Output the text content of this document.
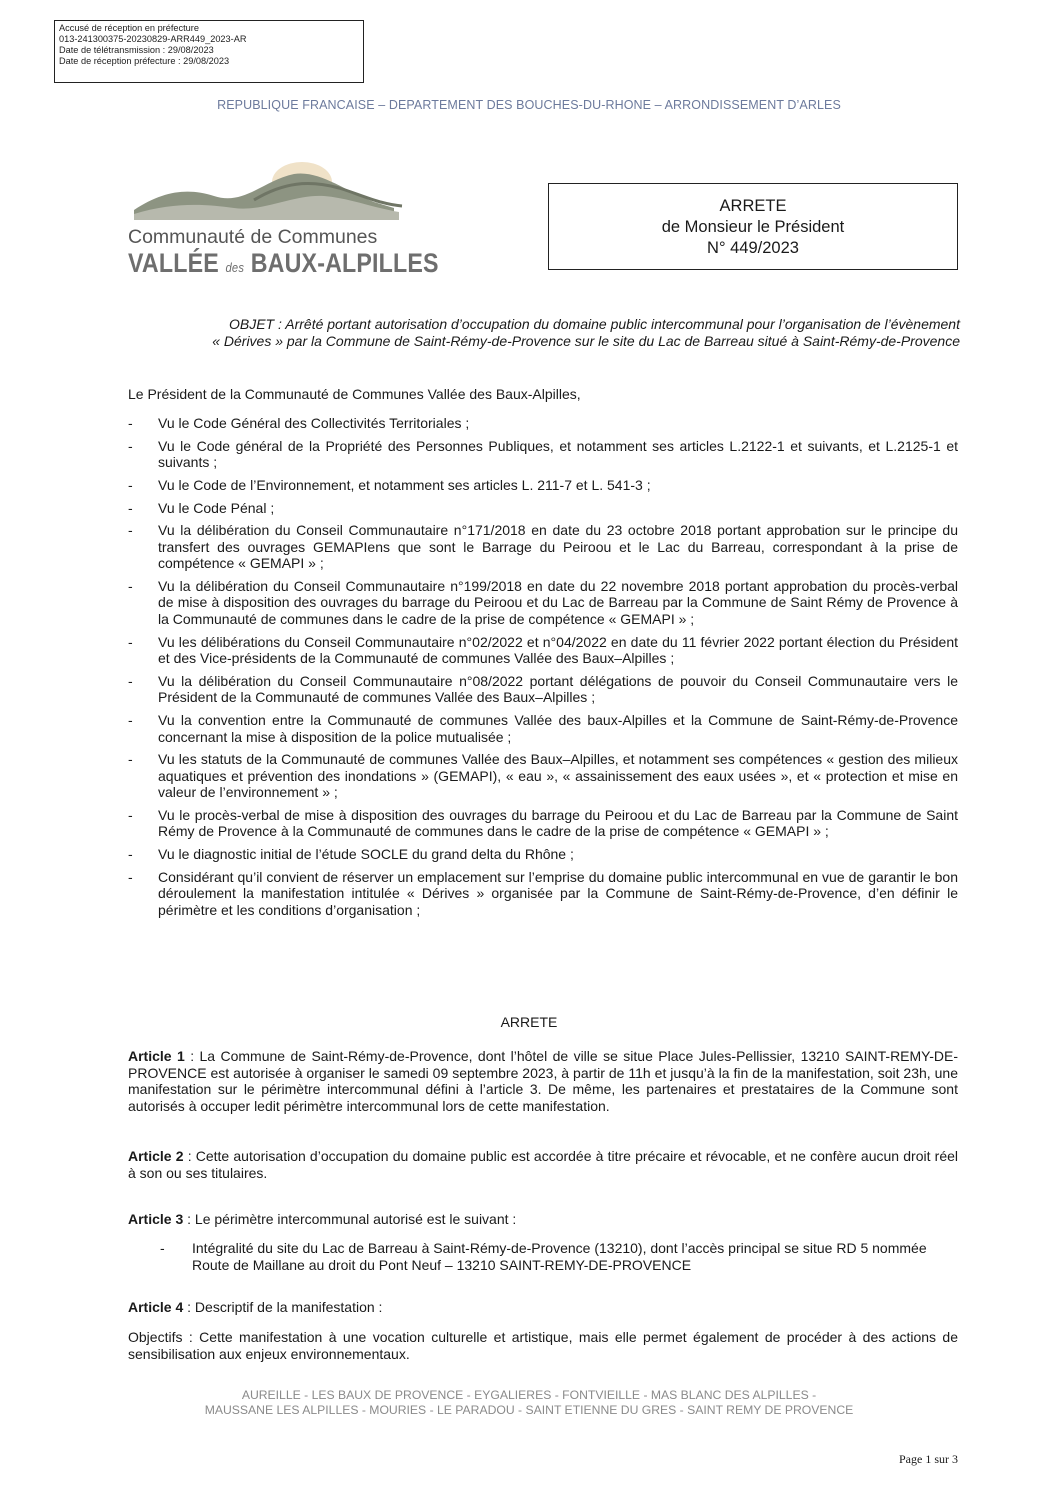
Accusé de réception en préfecture
013-241300375-20230829-ARR449_2023-AR
Date de télétransmission : 29/08/2023
Date de réception préfecture : 29/08/2023
REPUBLIQUE FRANCAISE – DEPARTEMENT DES BOUCHES-DU-RHONE – ARRONDISSEMENT D’ARLES
Communauté de Communes
VALLÉE des BAUX-ALPILLES
ARRETE
de Monsieur le Président
N° 449/2023
OBJET : Arrêté portant autorisation d’occupation du domaine public intercommunal pour l’organisation de l’évènement
« Dérives » par la Commune de Saint-Rémy-de-Provence sur le site du Lac de Barreau situé à Saint-Rémy-de-Provence
Le Président de la Communauté de Communes Vallée des Baux-Alpilles,
- Vu le Code Général des Collectivités Territoriales ;
- Vu le Code général de la Propriété des Personnes Publiques, et notamment ses articles L.2122-1 et suivants, et L.2125-1 et suivants ;
- Vu le Code de l’Environnement, et notamment ses articles L. 211-7 et L. 541-3 ;
- Vu le Code Pénal ;
- Vu la délibération du Conseil Communautaire n°171/2018 en date du 23 octobre 2018 portant approbation sur le principe du transfert des ouvrages GEMAPIens que sont le Barrage du Peiroou et le Lac du Barreau, correspondant à la prise de compétence « GEMAPI » ;
- Vu la délibération du Conseil Communautaire n°199/2018 en date du 22 novembre 2018 portant approbation du procès-verbal de mise à disposition des ouvrages du barrage du Peiroou et du Lac de Barreau par la Commune de Saint Rémy de Provence à la Communauté de communes dans le cadre de la prise de compétence « GEMAPI » ;
- Vu les délibérations du Conseil Communautaire n°02/2022 et n°04/2022 en date du 11 février 2022 portant élection du Président et des Vice-présidents de la Communauté de communes Vallée des Baux–Alpilles ;
- Vu la délibération du Conseil Communautaire n°08/2022 portant délégations de pouvoir du Conseil Communautaire vers le Président de la Communauté de communes Vallée des Baux–Alpilles ;
- Vu la convention entre la Communauté de communes Vallée des baux-Alpilles et la Commune de Saint-Rémy-de-Provence concernant la mise à disposition de la police mutualisée ;
- Vu les statuts de la Communauté de communes Vallée des Baux–Alpilles, et notamment ses compétences « gestion des milieux aquatiques et prévention des inondations » (GEMAPI), « eau », « assainissement des eaux usées », et « protection et mise en valeur de l’environnement » ;
- Vu le procès-verbal de mise à disposition des ouvrages du barrage du Peiroou et du Lac de Barreau par la Commune de Saint Rémy de Provence à la Communauté de communes dans le cadre de la prise de compétence « GEMAPI » ;
- Vu le diagnostic initial de l’étude SOCLE du grand delta du Rhône ;
- Considérant qu’il convient de réserver un emplacement sur l’emprise du domaine public intercommunal en vue de garantir le bon déroulement la manifestation intitulée « Dérives » organisée par la Commune de Saint-Rémy-de-Provence, d’en définir le périmètre et les conditions d’organisation ;
ARRETE
Article 1 : La Commune de Saint-Rémy-de-Provence, dont l’hôtel de ville se situe Place Jules-Pellissier, 13210 SAINT-REMY-DE-PROVENCE est autorisée à organiser le samedi 09 septembre 2023, à partir de 11h et jusqu’à la fin de la manifestation, soit 23h, une manifestation sur le périmètre intercommunal défini à l’article 3. De même, les partenaires et prestataires de la Commune sont autorisés à occuper ledit périmètre intercommunal lors de cette manifestation.
Article 2 : Cette autorisation d’occupation du domaine public est accordée à titre précaire et révocable, et ne confère aucun droit réel à son ou ses titulaires.
Article 3 : Le périmètre intercommunal autorisé est le suivant :
- Intégralité du site du Lac de Barreau à Saint-Rémy-de-Provence (13210), dont l’accès principal se situe RD 5 nommée Route de Maillane au droit du Pont Neuf – 13210 SAINT-REMY-DE-PROVENCE
Article 4 : Descriptif de la manifestation :
Objectifs : Cette manifestation à une vocation culturelle et artistique, mais elle permet également de procéder à des actions de sensibilisation aux enjeux environnementaux.
AUREILLE - LES BAUX DE PROVENCE - EYGALIERES - FONTVIEILLE - MAS BLANC DES ALPILLES -
MAUSSANE LES ALPILLES - MOURIES - LE PARADOU - SAINT ETIENNE DU GRES - SAINT REMY DE PROVENCE
Page 1 sur 3
